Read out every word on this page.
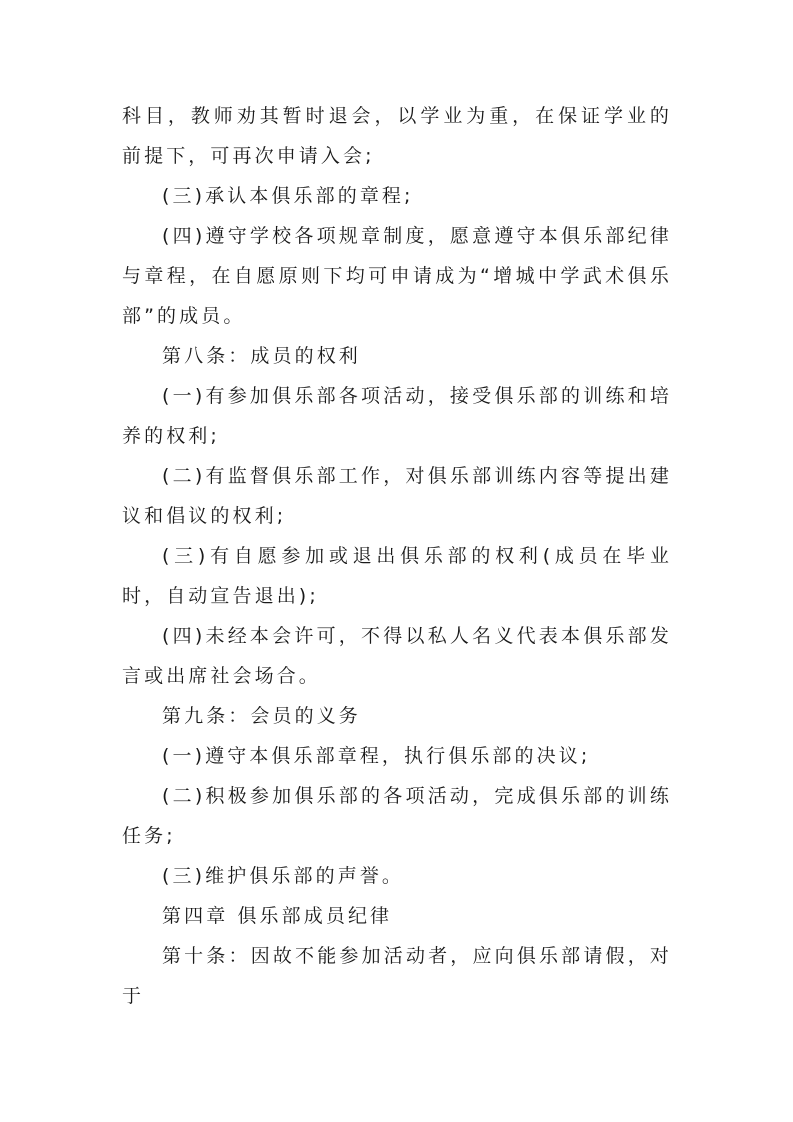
科目，教师劝其暂时退会，以学业为重，在保证学业的前提下，可再次申请入会;

(三)承认本俱乐部的章程;

(四)遵守学校各项规章制度，愿意遵守本俱乐部纪律与章程，在自愿原则下均可申请成为“增城中学武术俱乐部”的成员。

第八条：成员的权利

(一)有参加俱乐部各项活动，接受俱乐部的训练和培养的权利;

(二)有监督俱乐部工作，对俱乐部训练内容等提出建议和倡议的权利;

(三)有自愿参加或退出俱乐部的权利(成员在毕业时，自动宣告退出);

(四)未经本会许可，不得以私人名义代表本俱乐部发言或出席社会场合。

第九条：会员的义务

(一)遵守本俱乐部章程，执行俱乐部的决议;

(二)积极参加俱乐部的各项活动，完成俱乐部的训练任务;

(三)维护俱乐部的声誉。

第四章 俱乐部成员纪律

第十条：因故不能参加活动者，应向俱乐部请假，对于
